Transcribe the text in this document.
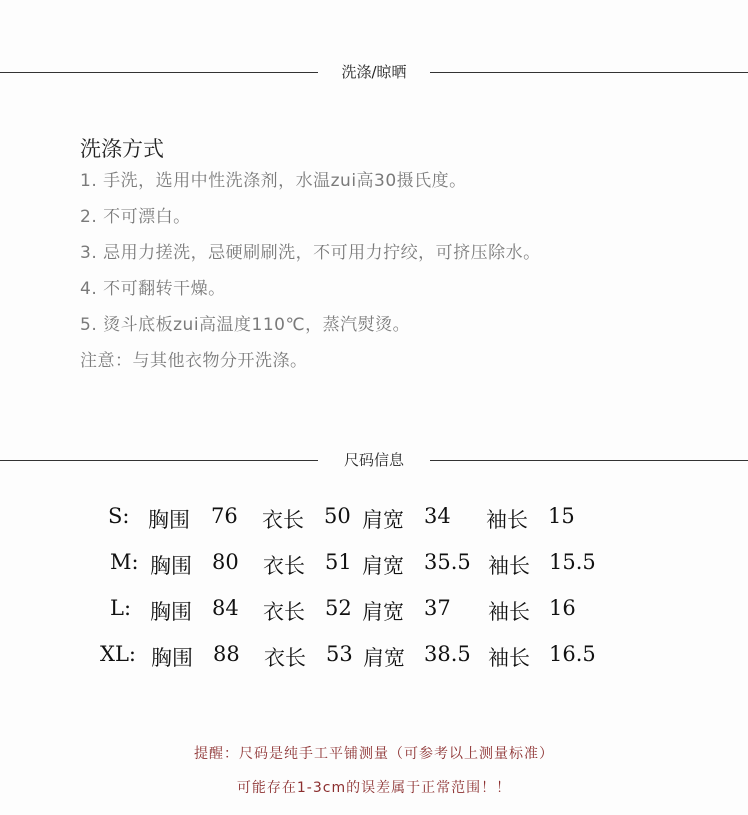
洗涤/晾晒
洗涤方式
1. 手洗，选用中性洗涤剂，水温zui高30摄氏度。
2. 不可漂白。
3. 忌用力搓洗，忌硬刷刷洗，不可用力拧绞，可挤压除水。
4. 不可翻转干燥。
5. 烫斗底板zui高温度110℃，蒸汽熨烫。
注意：与其他衣物分开洗涤。
尺码信息
S: 胸围 76 衣长 50 肩宽 34 袖长 15
M: 胸围 80 衣长 51 肩宽 35.5 袖长 15.5
L: 胸围 84 衣长 52 肩宽 37 袖长 16
XL: 胸围 88 衣长 53 肩宽 38.5 袖长 16.5
提醒：尺码是纯手工平铺测量（可参考以上测量标准）
可能存在1-3cm的误差属于正常范围！！
